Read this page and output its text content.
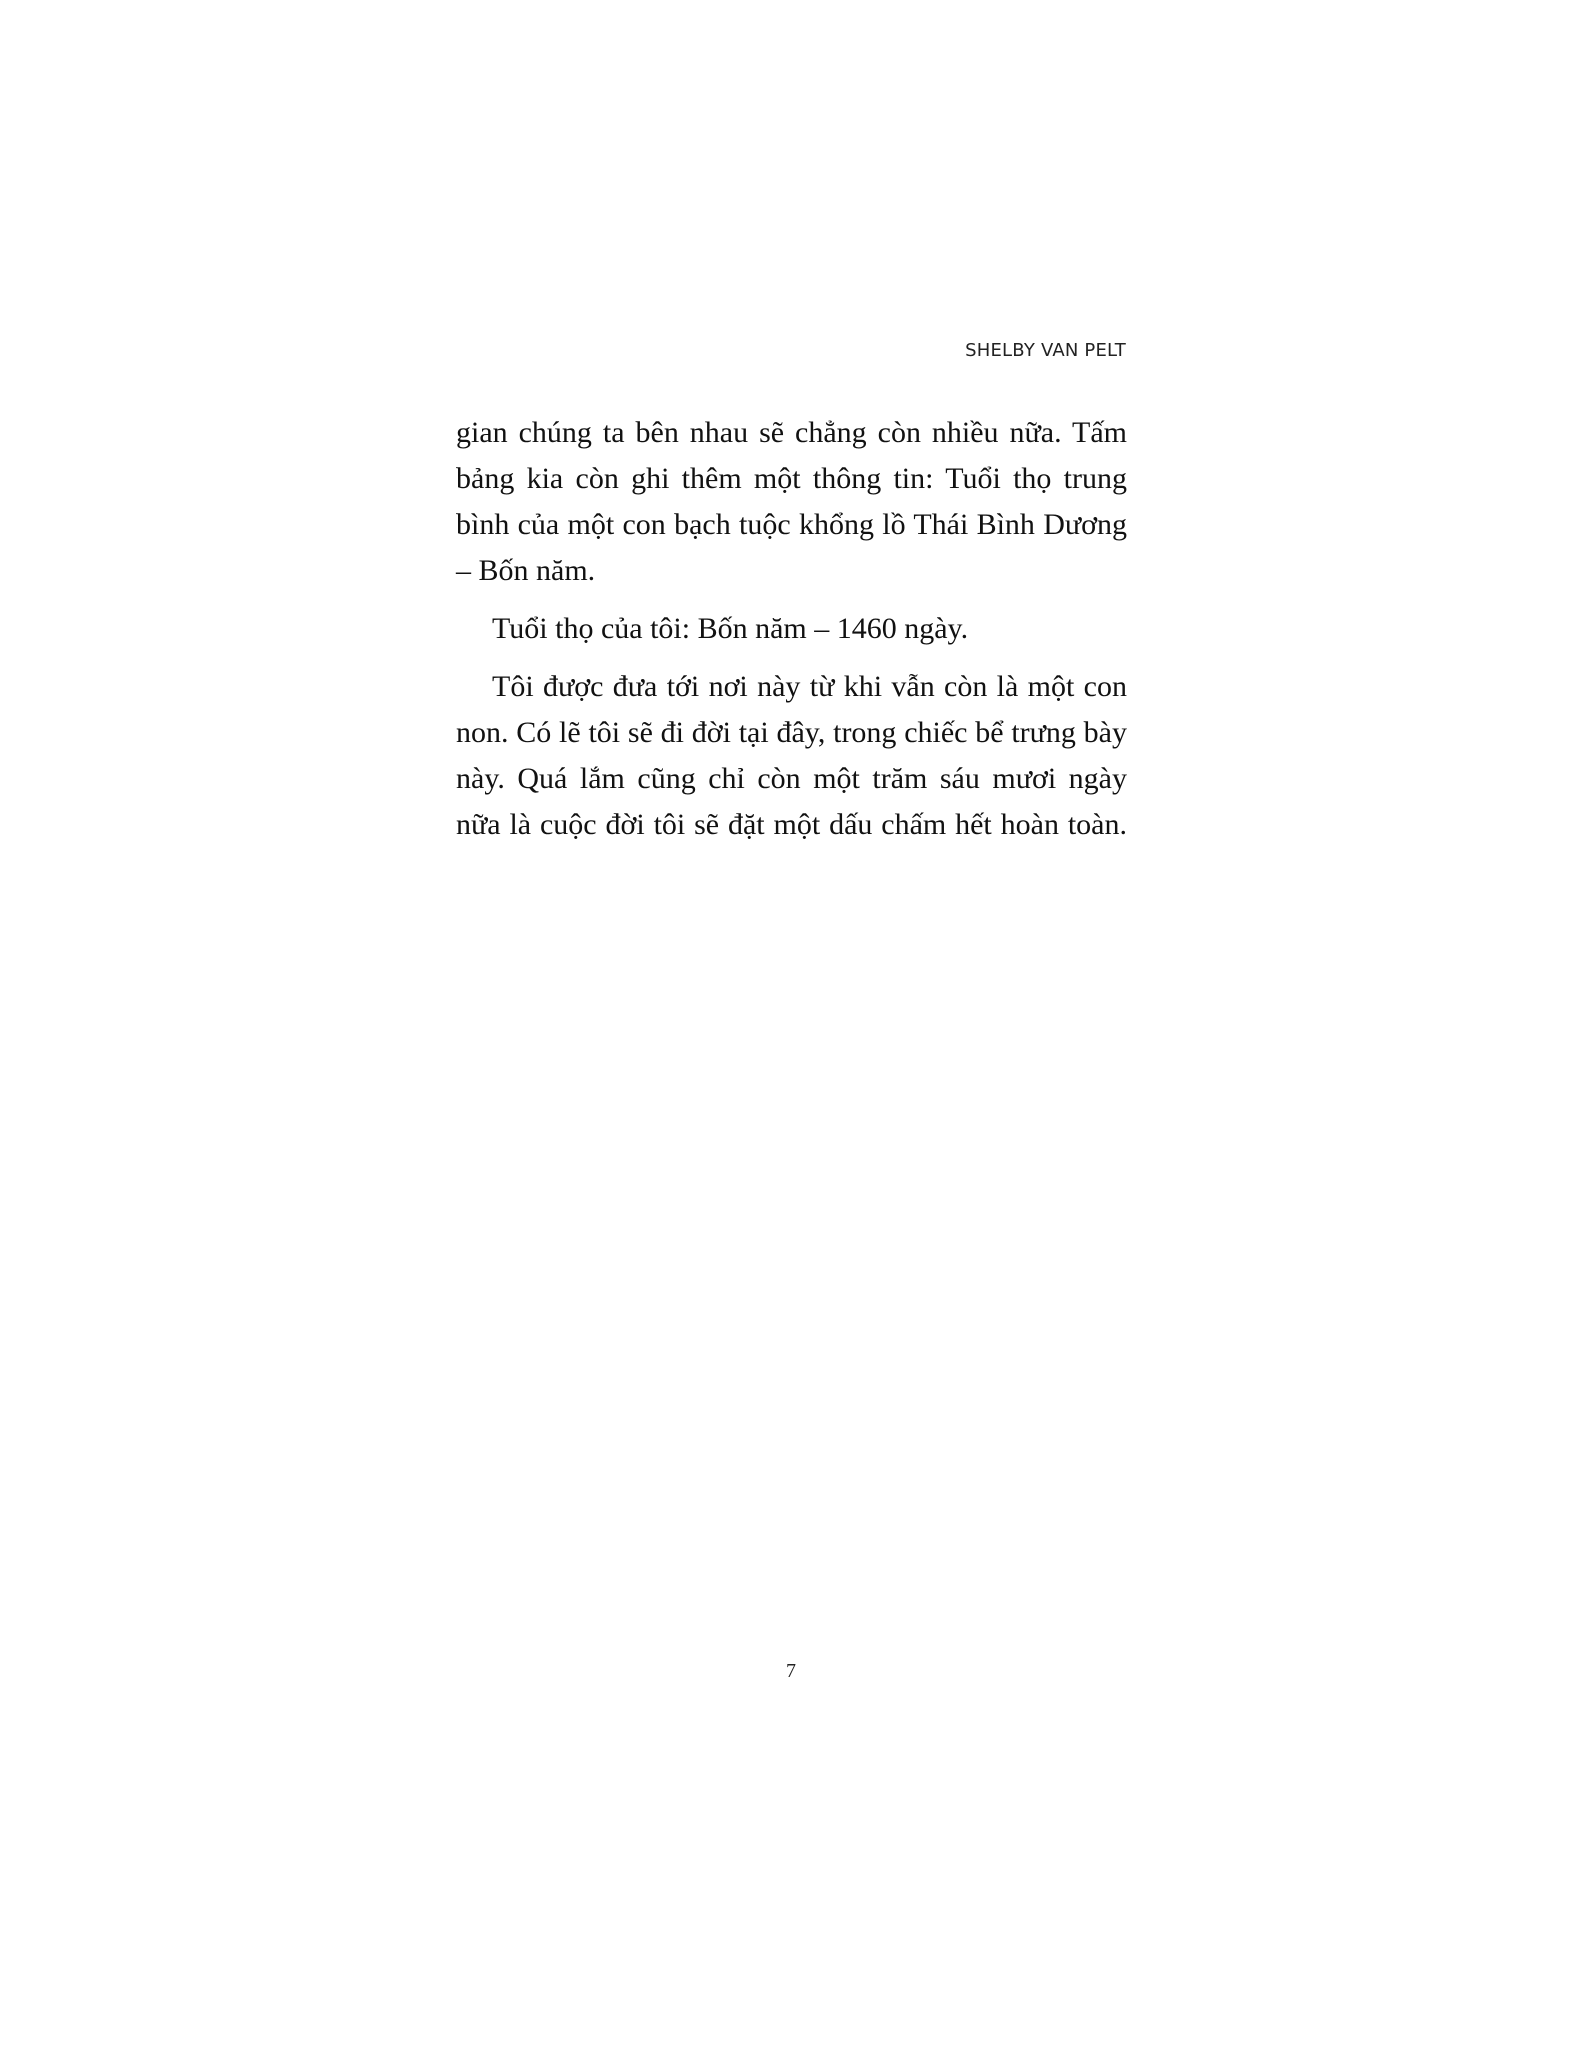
SHELBY VAN PELT

gian chúng ta bên nhau sẽ chẳng còn nhiều nữa. Tấm bảng kia còn ghi thêm một thông tin: Tuổi thọ trung bình của một con bạch tuộc khổng lồ Thái Bình Dương – Bốn năm.

Tuổi thọ của tôi: Bốn năm – 1460 ngày.

Tôi được đưa tới nơi này từ khi vẫn còn là một con non. Có lẽ tôi sẽ đi đời tại đây, trong chiếc bể trưng bày này. Quá lắm cũng chỉ còn một trăm sáu mươi ngày nữa là cuộc đời tôi sẽ đặt một dấu chấm hết hoàn toàn.

7
